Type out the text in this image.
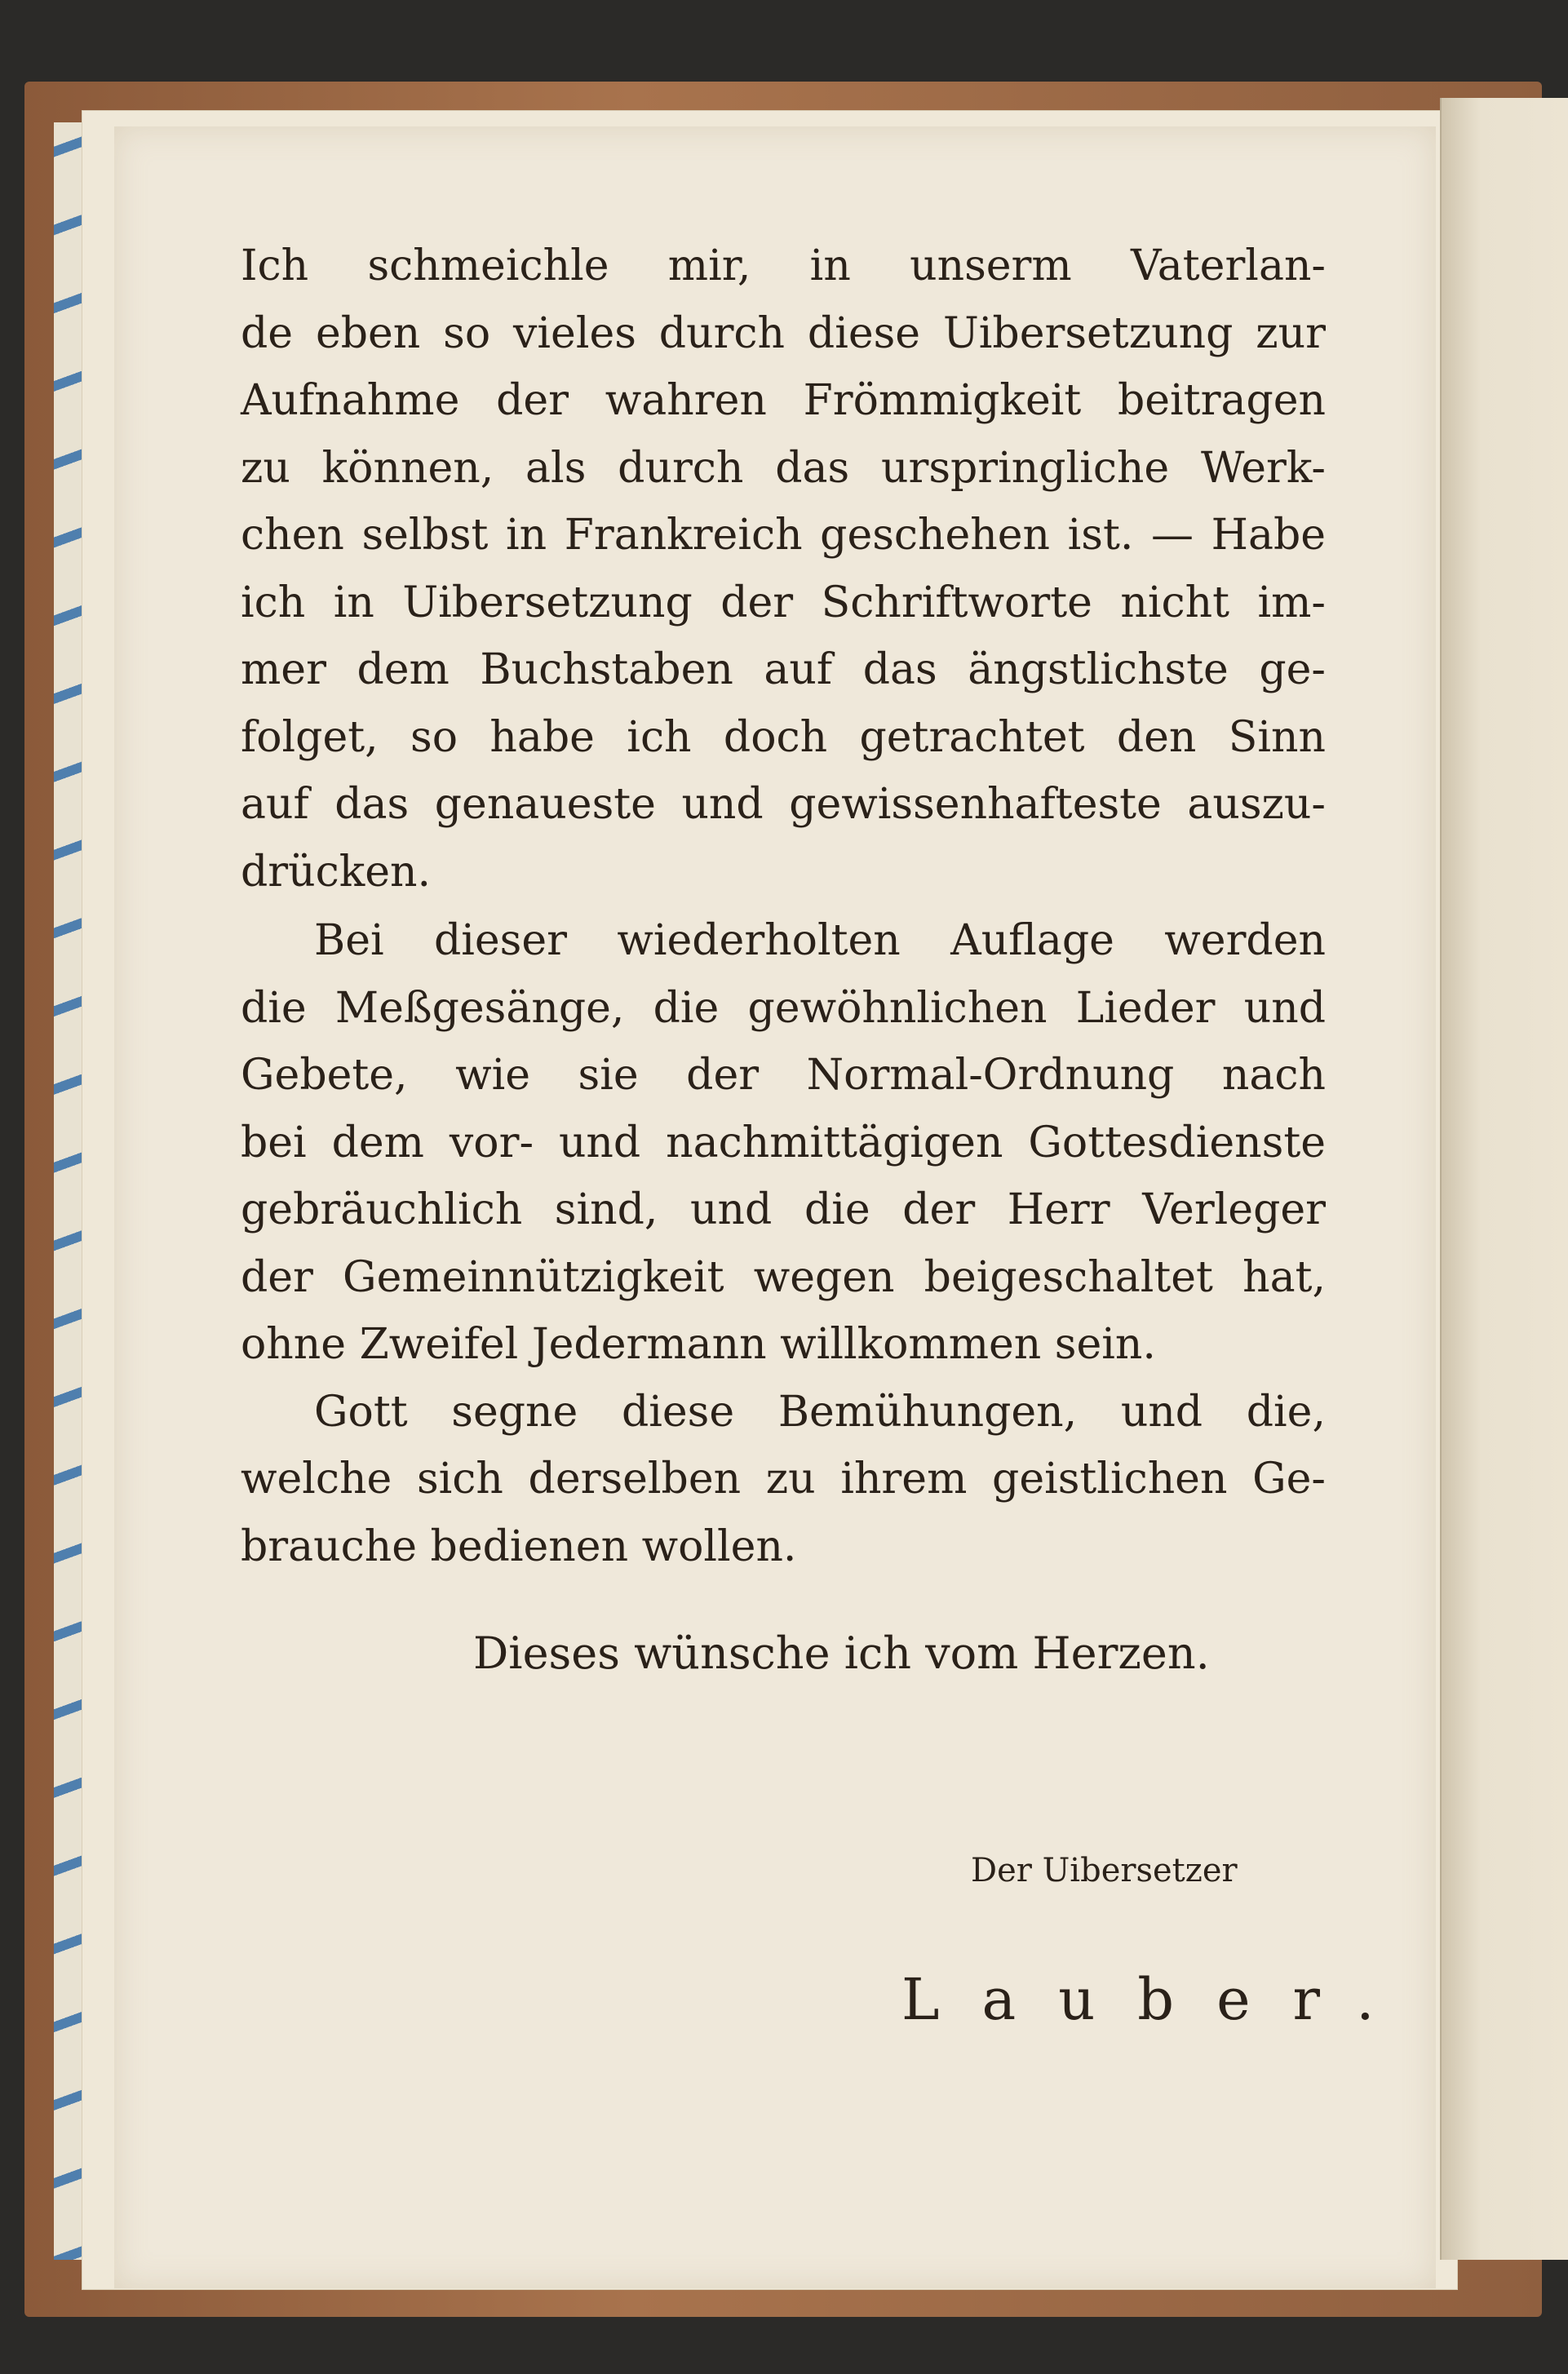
Ich schmeichle mir, in unserm Vaterlan-
de eben so vieles durch diese Uibersetzung zur
Aufnahme der wahren Frömmigkeit beitragen
zu können, als durch das urspringliche Werk-
chen selbst in Frankreich geschehen ist. — Habe
ich in Uibersetzung der Schriftworte nicht im-
mer dem Buchstaben auf das ängstlichste ge-
folget, so habe ich doch getrachtet den Sinn
auf das genaueste und gewissenhafteste auszu-
drücken.
Bei dieser wiederholten Auflage werden
die Meßgesänge, die gewöhnlichen Lieder und
Gebete, wie sie der Normal-Ordnung nach
bei dem vor- und nachmittägigen Gottesdienste
gebräuchlich sind, und die der Herr Verleger
der Gemeinnützigkeit wegen beigeschaltet hat,
ohne Zweifel Jedermann willkommen sein.
Gott segne diese Bemühungen, und die,
welche sich derselben zu ihrem geistlichen Ge-
brauche bedienen wollen.
Dieses wünsche ich vom Herzen.
Der Uibersetzer
Lauber.
